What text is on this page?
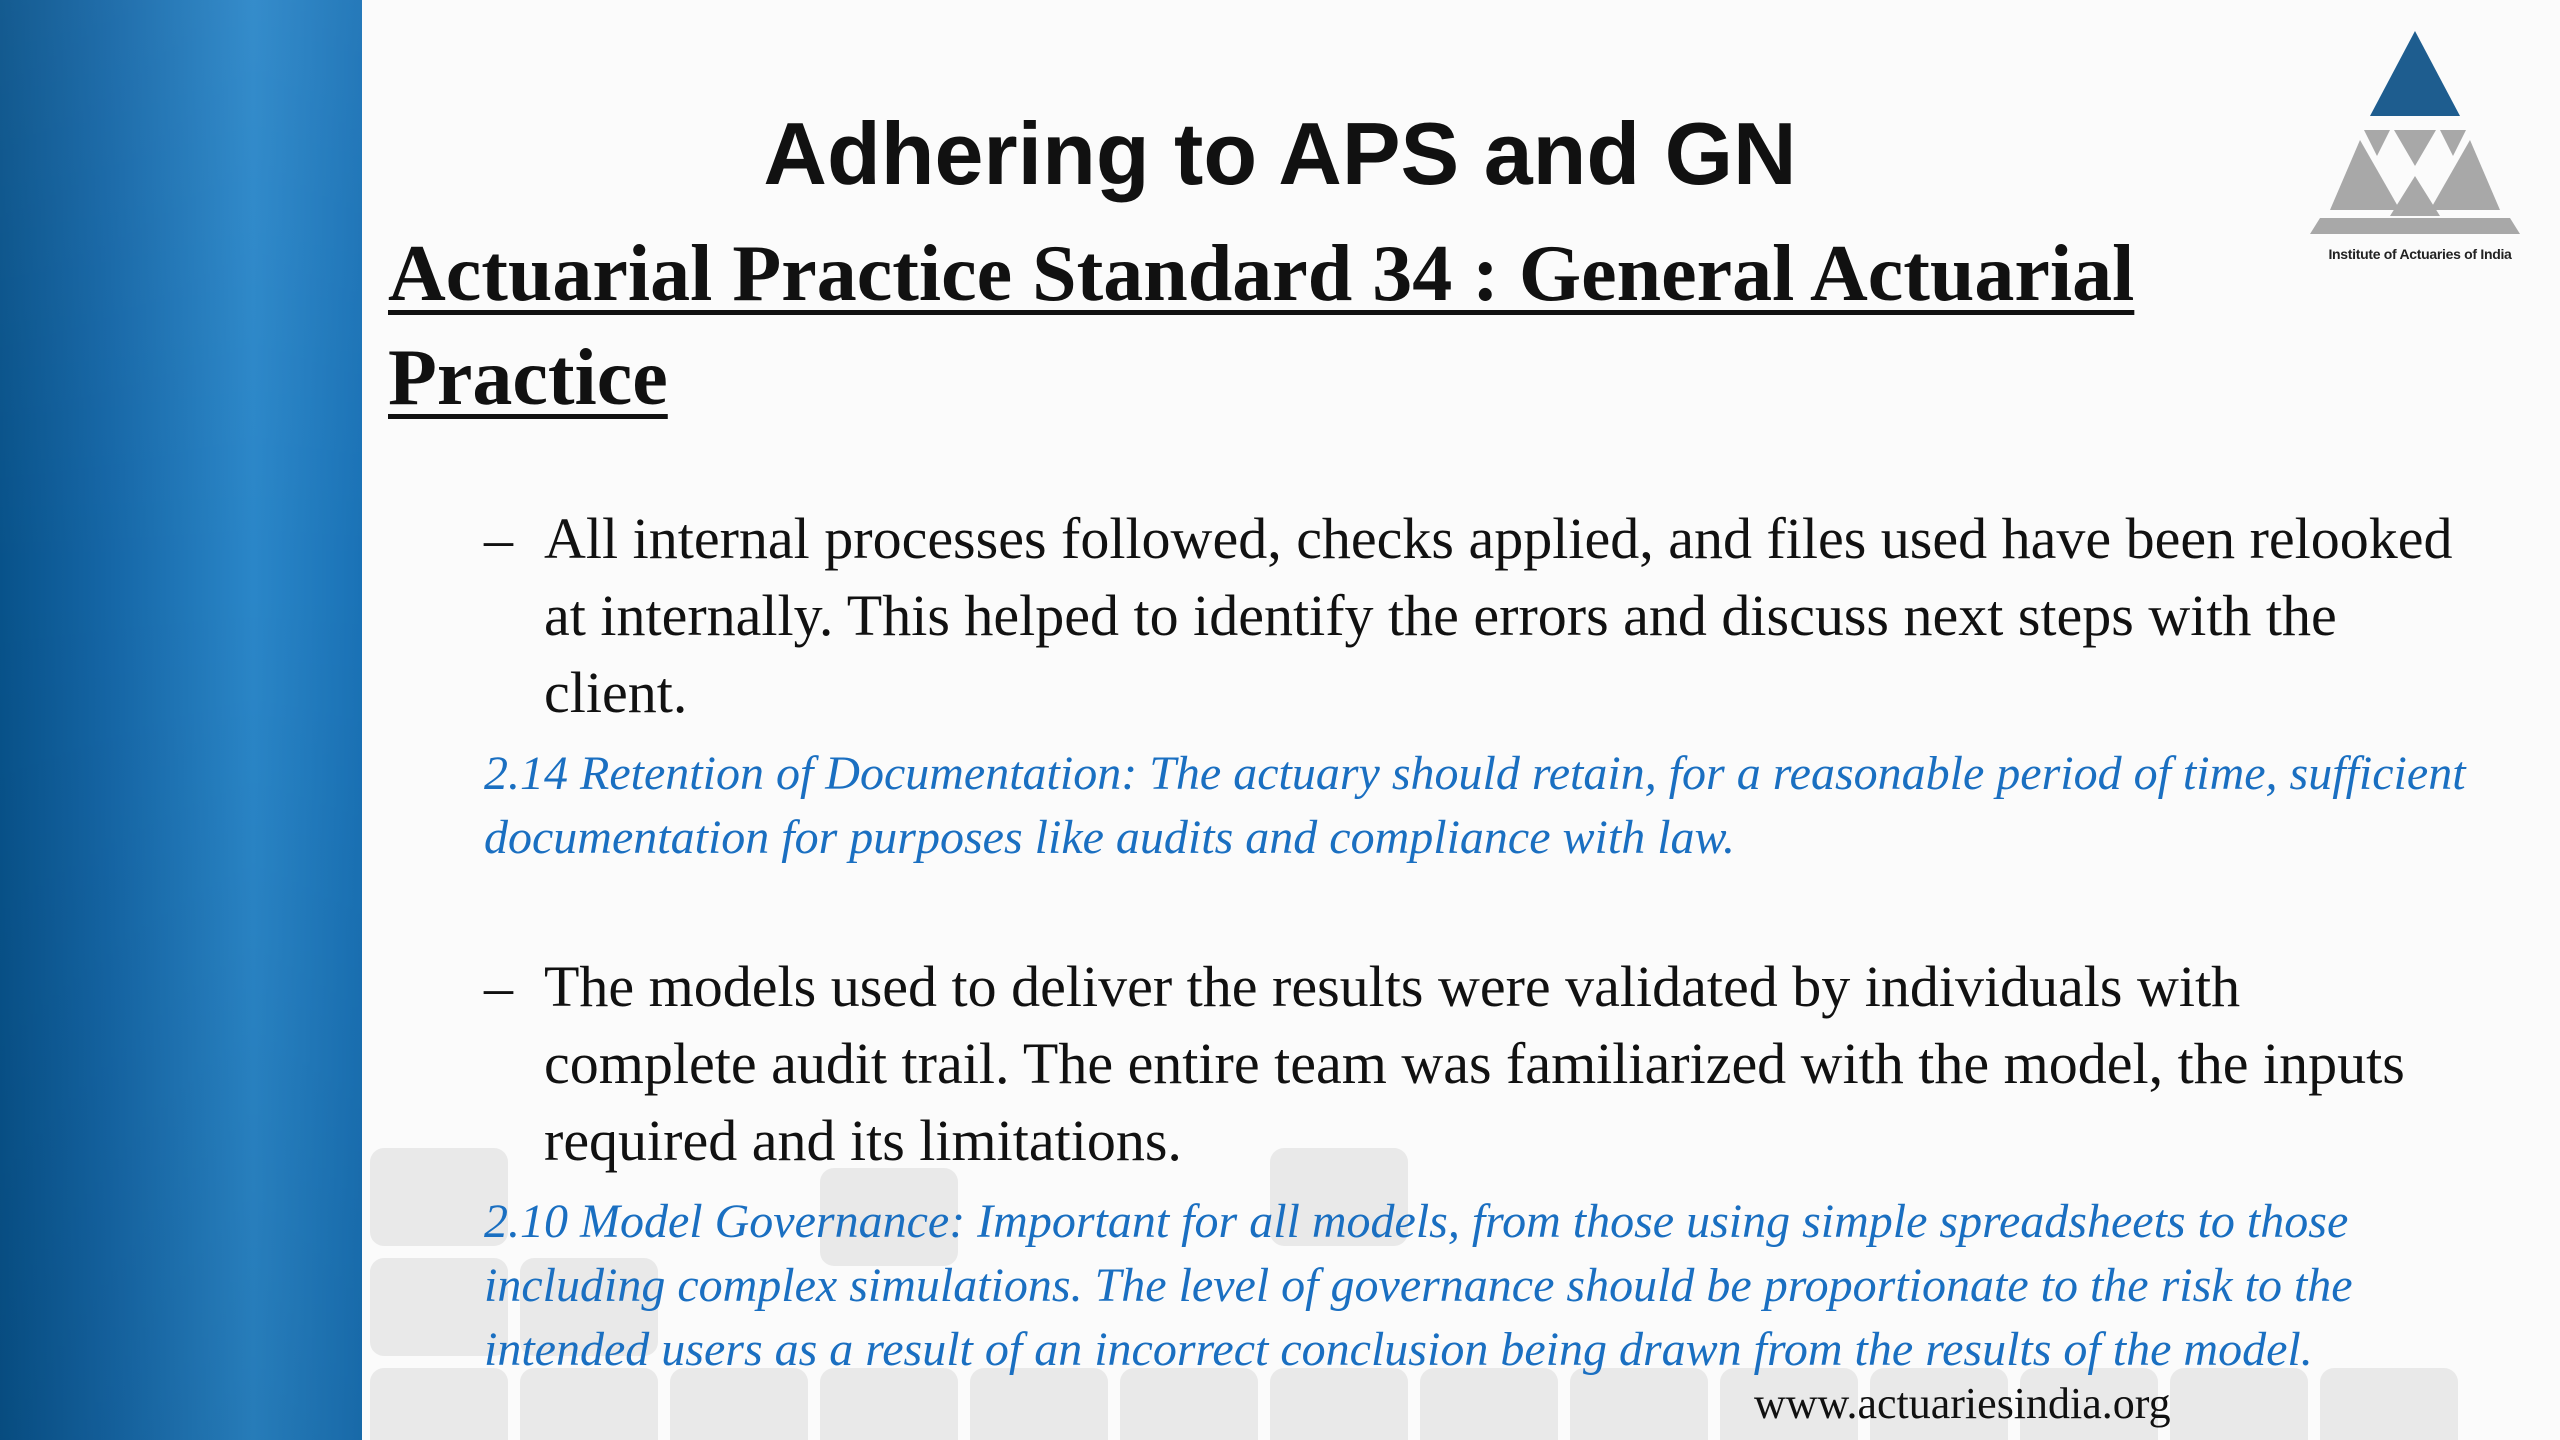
Institute of Actuaries of India
Adhering to APS and GN
Actuarial Practice Standard 34 : General Actuarial Practice
– All internal processes followed, checks applied, and files used have been relooked at internally. This helped to identify the errors and discuss next steps with the client.
2.14 Retention of Documentation: The actuary should retain, for a reasonable period of time, sufficient documentation for purposes like audits and compliance with law.
– The models used to deliver the results were validated by individuals with complete audit trail. The entire team was familiarized with the model, the inputs required and its limitations.
2.10 Model Governance: Important for all models, from those using simple spreadsheets to those including complex simulations. The level of governance should be proportionate to the risk to the intended users as a result of an incorrect conclusion being drawn from the results of the model.
www.actuariesindia.org
